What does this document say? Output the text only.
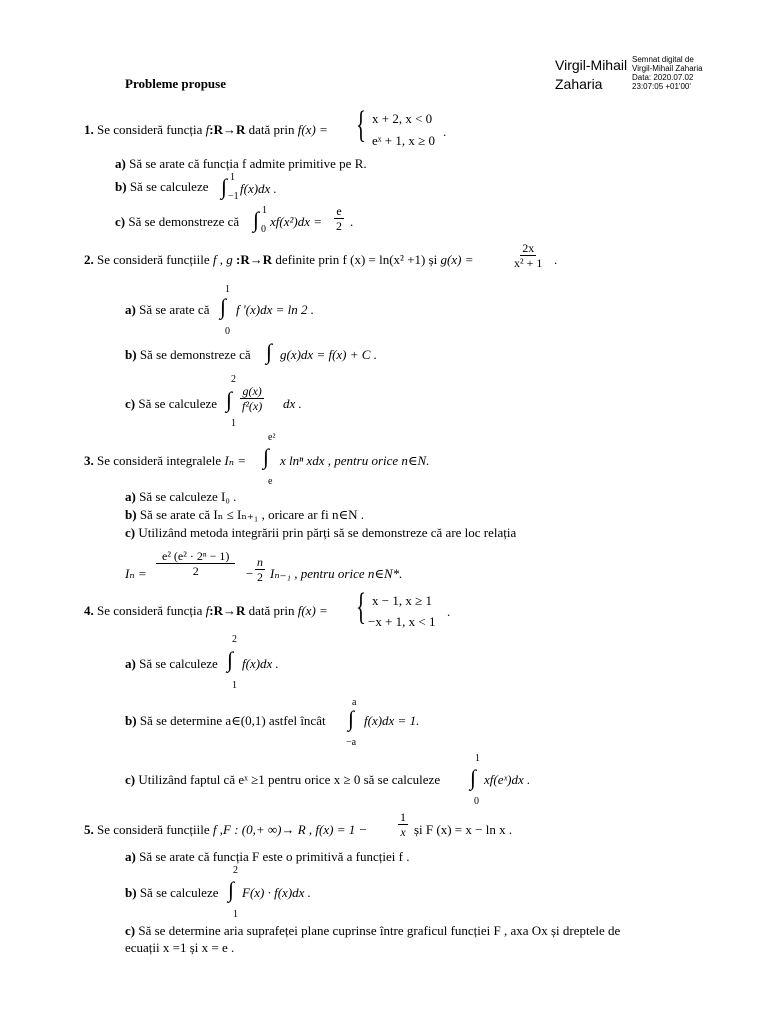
Virgil-Mihail
Zaharia
Semnat digital de
Virgil-Mihail Zaharia
Data: 2020.07.02
23:07:05 +01'00'
Probleme propuse
1. Se consideră funcția f:R→R dată prin f(x) = { x + 2, x < 0
eˣ + 1, x ≥ 0
.
a) Să se arate că funcția f admite primitive pe R.
b) Să se calculeze ∫ 1
−1
f(x)dx .
c) Să se demonstreze că ∫ 1
0
$xf(x^2)dx = \frac{e}{2}$ .
2. Se consideră funcțiile f , g :R→R definite prin f (x) = ln(x² +1) și g(x) =	$\frac{2x}{\text{x² + 1}}$ .
a) Să se arate că
1
∫
0
f '(x)dx = ln 2 .
b) Să se demonstreze că ∫ g(x)dx = f(x) + C .
c) Să se calculeze
2
∫
1
$\frac{g(x)}{\text{f²(x)}}$ dx .
3. Se consideră integralele Iₙ =
e²
∫
e
x lnⁿ xdx , pentru orice n∈N.
a) Să se calculeze I₀ .
b) Să se arate că Iₙ ≤ Iₙ₊₁ , oricare ar fi n∈N .
c) Utilizând metoda integrării prin părți să se demonstreze că are loc relația
$I_n = \frac{\text{e² (e² · 2ⁿ − 1)}}{2} - \frac{n}{2} I_{n-1}$ , pentru orice n∈N*.
4. Se consideră funcția f:R→R dată prin f(x) = { x − 1, x ≥ 1
−x + 1, x < 1
.
a) Să se calculeze
2
∫
1
f(x)dx .
b) Să se determine a∈(0,1) astfel încât
a
∫
−a
f(x)dx = 1.
c) Utilizând faptul că eˣ ≥1 pentru orice x ≥ 0 să se calculeze
1
∫
0
xf(eˣ)dx .
5. Se consideră funcțiile f ,F : (0,+ ∞)→ R , f(x) = 1 −	$\frac{1}{x}$ și F (x) = x − ln x .
a) Să se arate că funcția F este o primitivă a funcției f .
b) Să se calculeze
2
∫
1
F(x) · f(x)dx .
c) Să se determine aria suprafeței plane cuprinse între graficul funcției F , axa Ox și dreptele de
ecuații x =1 și x = e .
